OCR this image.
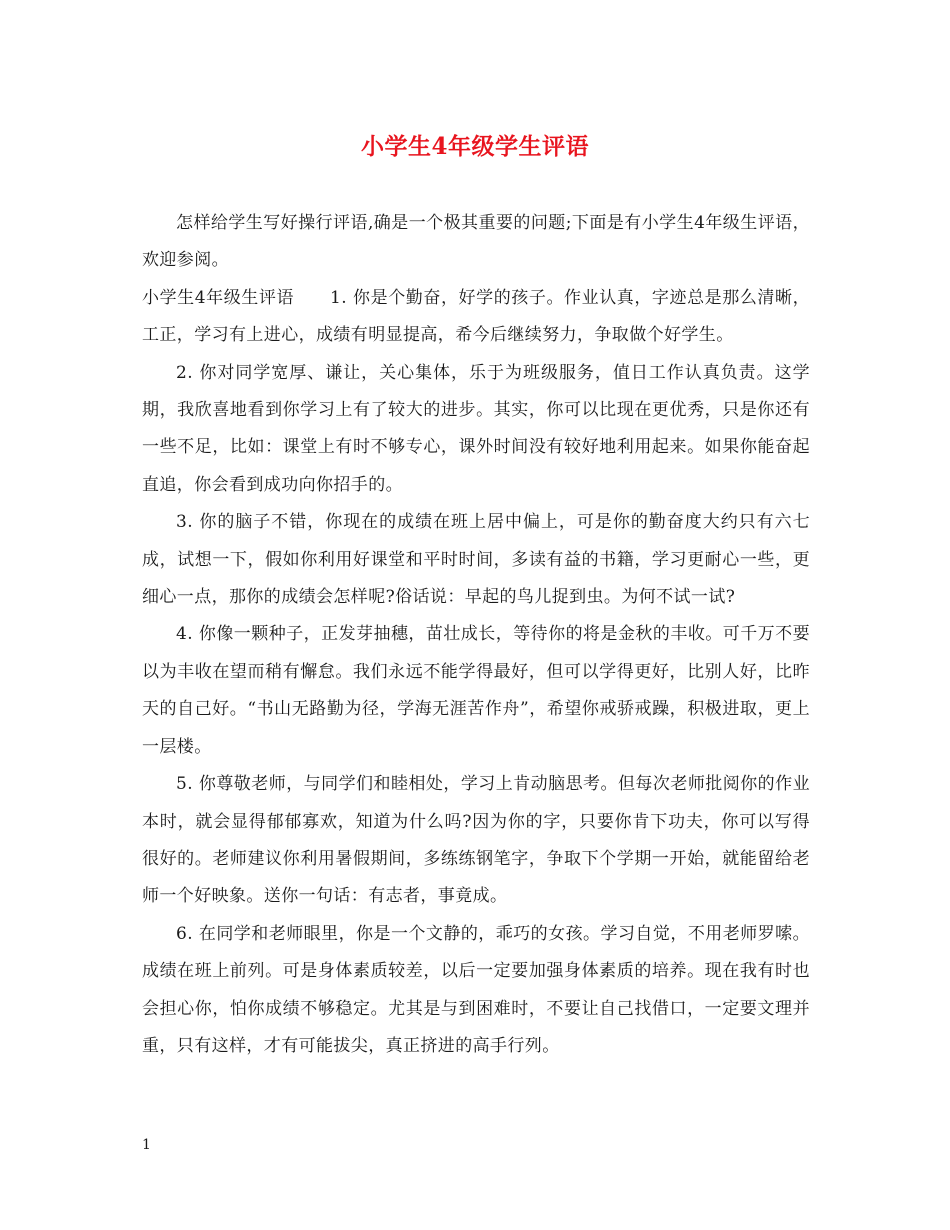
小学生4年级学生评语

怎样给学生写好操行评语,确是一个极其重要的问题;下面是有小学生4年级生评语，欢迎参阅。

小学生4年级生评语 1. 你是个勤奋，好学的孩子。作业认真，字迹总是那么清晰，工正，学习有上进心，成绩有明显提高，希今后继续努力，争取做个好学生。

2. 你对同学宽厚、谦让，关心集体，乐于为班级服务，值日工作认真负责。这学期，我欣喜地看到你学习上有了较大的进步。其实，你可以比现在更优秀，只是你还有一些不足，比如：课堂上有时不够专心，课外时间没有较好地利用起来。如果你能奋起直追，你会看到成功向你招手的。

3. 你的脑子不错，你现在的成绩在班上居中偏上，可是你的勤奋度大约只有六七成，试想一下，假如你利用好课堂和平时时间，多读有益的书籍，学习更耐心一些，更细心一点，那你的成绩会怎样呢?俗话说：早起的鸟儿捉到虫。为何不试一试?

4. 你像一颗种子，正发芽抽穗，苗壮成长，等待你的将是金秋的丰收。可千万不要以为丰收在望而稍有懈怠。我们永远不能学得最好，但可以学得更好，比别人好，比昨天的自己好。“书山无路勤为径，学海无涯苦作舟”，希望你戒骄戒躁，积极进取，更上一层楼。

5. 你尊敬老师，与同学们和睦相处，学习上肯动脑思考。但每次老师批阅你的作业本时，就会显得郁郁寡欢，知道为什么吗?因为你的字，只要你肯下功夫，你可以写得很好的。老师建议你利用暑假期间，多练练钢笔字，争取下个学期一开始，就能留给老师一个好映象。送你一句话：有志者，事竟成。

6. 在同学和老师眼里，你是一个文静的，乖巧的女孩。学习自觉，不用老师罗嗦。成绩在班上前列。可是身体素质较差，以后一定要加强身体素质的培养。现在我有时也会担心你，怕你成绩不够稳定。尤其是与到困难时，不要让自己找借口，一定要文理并重，只有这样，才有可能拔尖，真正挤进的高手行列。

1
